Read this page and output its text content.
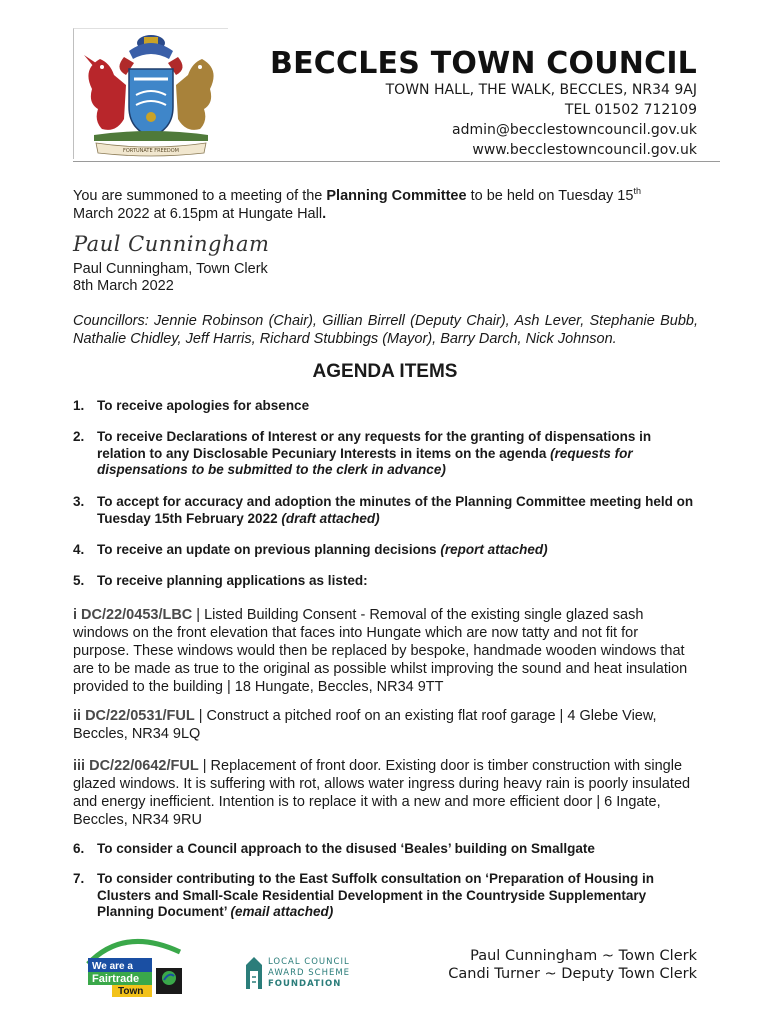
FORTUNATE FREEDOM
BECCLES TOWN COUNCIL
TOWN HALL, THE WALK, BECCLES, NR34 9AJ
TEL 01502 712109
admin@becclestowncouncil.gov.uk
www.becclestowncouncil.gov.uk
You are summoned to a meeting of the Planning Committee to be held on Tuesday 15th
March 2022 at 6.15pm at Hungate Hall.
Paul Cunningham
Paul Cunningham, Town Clerk
8th March 2022
Councillors: Jennie Robinson (Chair), Gillian Birrell (Deputy Chair), Ash Lever, Stephanie Bubb, Nathalie Chidley, Jeff Harris, Richard Stubbings (Mayor), Barry Darch, Nick Johnson.
AGENDA ITEMS
1. To receive apologies for absence
2. To receive Declarations of Interest or any requests for the granting of dispensations in relation to any Disclosable Pecuniary Interests in items on the agenda (requests for dispensations to be submitted to the clerk in advance)
3. To accept for accuracy and adoption the minutes of the Planning Committee meeting held on Tuesday 15th February 2022 (draft attached)
4. To receive an update on previous planning decisions (report attached)
5. To receive planning applications as listed:
i DC/22/0453/LBC | Listed Building Consent - Removal of the existing single glazed sash windows on the front elevation that faces into Hungate which are now tatty and not fit for purpose. These windows would then be replaced by bespoke, handmade wooden windows that are to be made as true to the original as possible whilst improving the sound and heat insulation provided to the building | 18 Hungate, Beccles, NR34 9TT
ii DC/22/0531/FUL | Construct a pitched roof on an existing flat roof garage | 4 Glebe View, Beccles, NR34 9LQ
iii DC/22/0642/FUL | Replacement of front door. Existing door is timber construction with single glazed windows. It is suffering with rot, allows water ingress during heavy rain is poorly insulated and energy inefficient. Intention is to replace it with a new and more efficient door | 6 Ingate, Beccles, NR34 9RU
6. To consider a Council approach to the disused ‘Beales’ building on Smallgate
7. To consider contributing to the East Suffolk consultation on ‘Preparation of Housing in Clusters and Small-Scale Residential Development in the Countryside Supplementary Planning Document’ (email attached)
We are a
Fairtrade
Town
LOCAL COUNCIL
AWARD SCHEME
FOUNDATION
Paul Cunningham ~ Town Clerk
Candi Turner ~ Deputy Town Clerk
